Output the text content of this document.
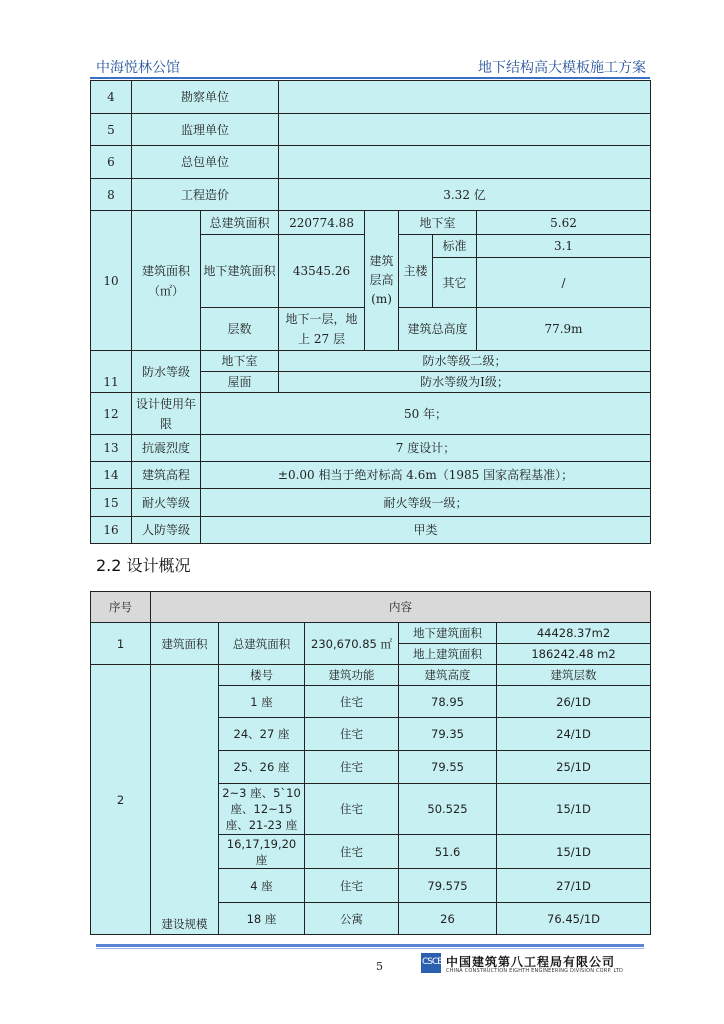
中海悦林公馆	地下结构高大模板施工方案
4	勘察单位						
5	监理单位						
6	总包单位						
8	工程造价		3.32 亿				
10	建筑面积（㎡）	总建筑面积	220774.88	建筑层高(m)	地下室		5.62
		地下建筑面积	43545.26		主楼	标准	3.1
						其它	/
		层数	地下一层，地上 27 层		建筑总高度		77.9m
11	防水等级	地下室	防水等级二级；				
		屋面	防水等级为Ⅰ级；				
12	设计使用年限	50 年；					
13	抗震烈度	7 度设计；					
14	建筑高程	±0.00 相当于绝对标高 4.6m（1985 国家高程基准）；					
15	耐火等级	耐火等级一级；					
16	人防等级	甲类					
2.2 设计概况
序号	内容				
1	建筑面积	总建筑面积	230,670.85 ㎡	地下建筑面积	44428.37m2
				地上建筑面积	186242.48 m2
2	建设规模	楼号	建筑功能	建筑高度	建筑层数
		1 座	住宅	78.95	26/1D
		24、27 座	住宅	79.35	24/1D
		25、26 座	住宅	79.55	25/1D
		2~3 座、5`10 座、12~15 座、21-23 座	住宅	50.525	15/1D
		16,17,19,20 座	住宅	51.6	15/1D
		4 座	住宅	79.575	27/1D
		18 座	公寓	26	76.45/1D
5	CSCEC
中国建筑第八工程局有限公司
CHINA CONSTRUCTION EIGHTH ENGINEERING DIVISION CORP. LTD
